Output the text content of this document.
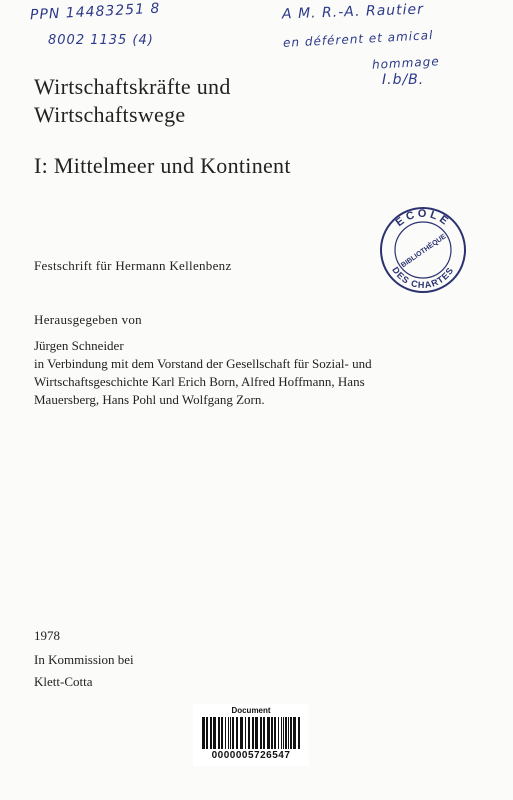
PPN 14483251 8
8002 1135 (4)
A M. R.-A. Rautier
en déférent et amical
hommage
I.b/B.
Wirtschaftskräfte und
Wirtschaftswege
I: Mittelmeer und Kontinent
ECOLE
DES CHARTES
BIBLIOTHÈQUE
Festschrift für Hermann Kellenbenz
Herausgegeben von
Jürgen Schneider
in Verbindung mit dem Vorstand der Gesellschaft für Sozial- und
Wirtschaftsgeschichte Karl Erich Born, Alfred Hoffmann, Hans
Mauersberg, Hans Pohl und Wolfgang Zorn.
1978
In Kommission bei
Klett-Cotta
Document
0000005726547
